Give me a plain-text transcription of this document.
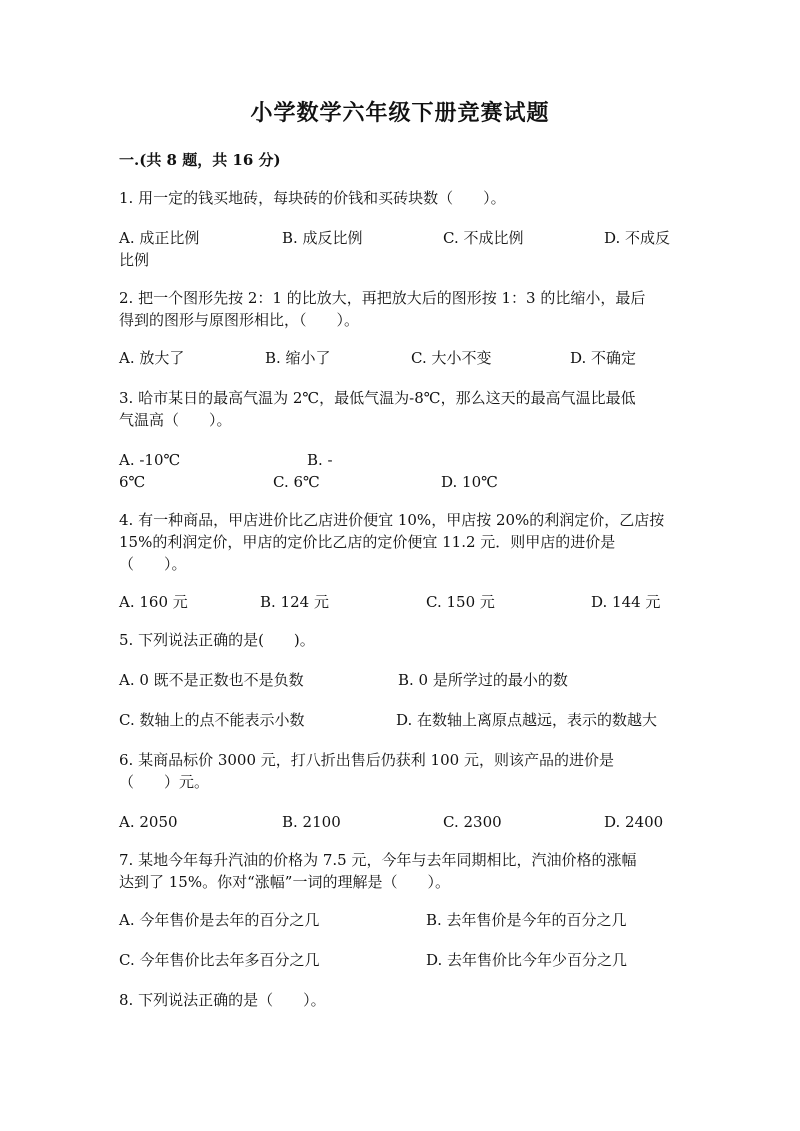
小学数学六年级下册竞赛试题
一.(共 8 题，共 16 分)
1. 用一定的钱买地砖，每块砖的价钱和买砖块数（　　）。
A. 成正比例	B. 成反比例	C. 不成比例	D. 不成反
比例
2. 把一个图形先按 2：1 的比放大，再把放大后的图形按 1：3 的比缩小，最后
得到的图形与原图形相比，（　　）。
A. 放大了	B. 缩小了	C. 大小不变	D. 不确定
3. 哈市某日的最高气温为 2℃，最低气温为-8℃，那么这天的最高气温比最低
气温高（　　）。
A. -10℃	B. -
6℃	C. 6℃	D. 10℃
4. 有一种商品，甲店进价比乙店进价便宜 10%，甲店按 20%的利润定价，乙店按
15%的利润定价，甲店的定价比乙店的定价便宜 11.2 元．则甲店的进价是
（　　）。
A. 160 元	B. 124 元	C. 150 元	D. 144 元
5. 下列说法正确的是(　　)。
A. 0 既不是正数也不是负数	B. 0 是所学过的最小的数
C. 数轴上的点不能表示小数	D. 在数轴上离原点越远，表示的数越大
6. 某商品标价 3000 元，打八折出售后仍获利 100 元，则该产品的进价是
（　　）元。
A. 2050	B. 2100	C. 2300	D. 2400
7. 某地今年每升汽油的价格为 7.5 元，今年与去年同期相比，汽油价格的涨幅
达到了 15%。你对“涨幅”一词的理解是（　　）。
A. 今年售价是去年的百分之几	B. 去年售价是今年的百分之几
C. 今年售价比去年多百分之几	D. 去年售价比今年少百分之几
8. 下列说法正确的是（　　）。
